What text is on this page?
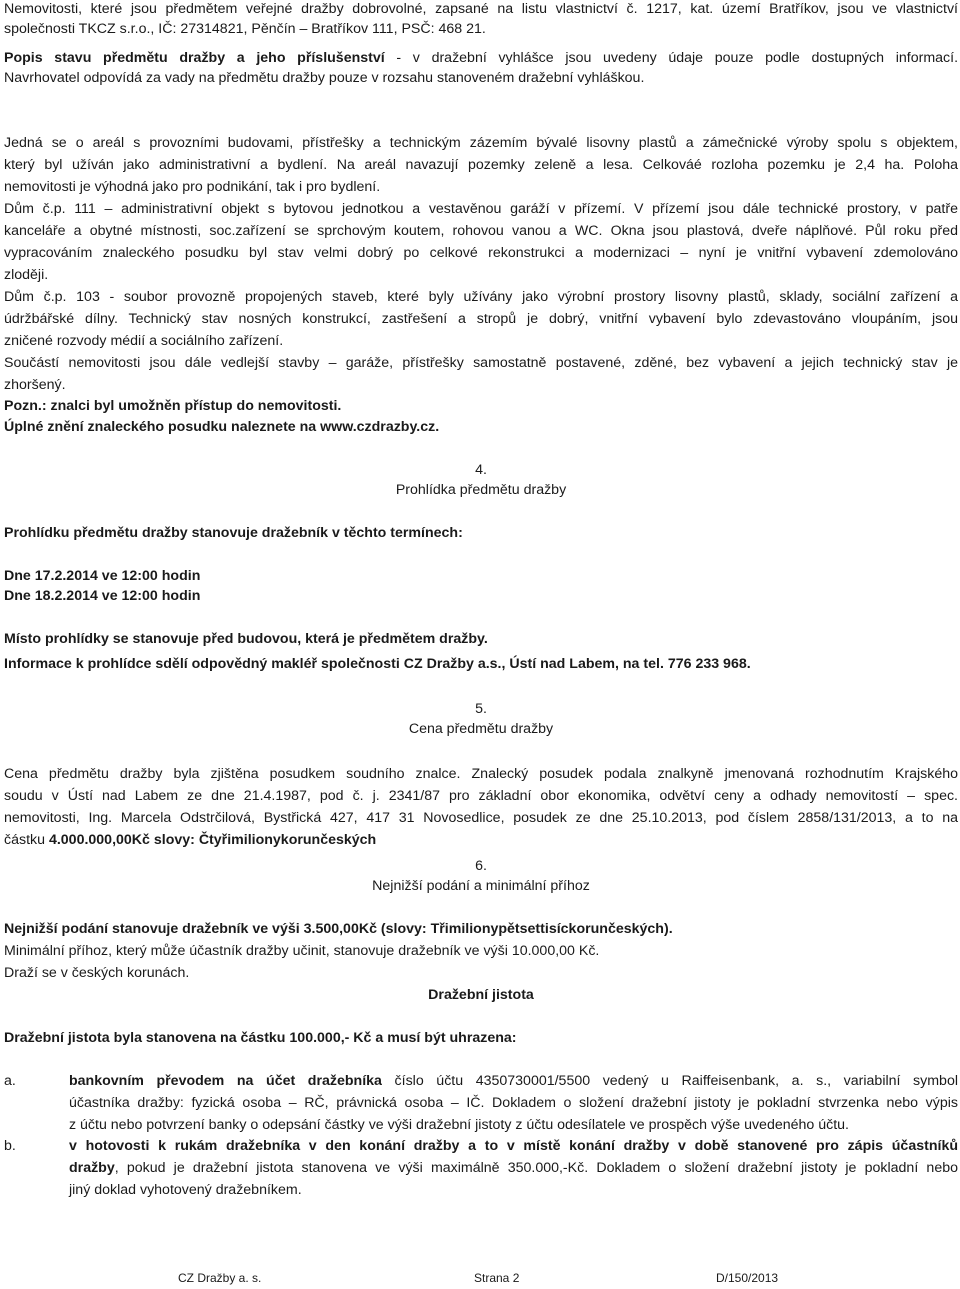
Nemovitosti, které jsou předmětem veřejné dražby dobrovolné, zapsané na listu vlastnictví č. 1217, kat. území Bratříkov, jsou ve vlastnictví
společnosti TKCZ s.r.o., IČ: 27314821, Pěnčín – Bratříkov 111, PSČ: 468 21.
Popis stavu předmětu dražby a jeho příslušenství - v dražební vyhlášce jsou uvedeny údaje pouze podle dostupných informací.
Navrhovatel odpovídá za vady na předmětu dražby pouze v rozsahu stanoveném dražební vyhláškou.
Jedná se o areál s provozními budovami, přístřešky a technickým zázemím bývalé lisovny plastů a zámečnické výroby spolu s objektem,
který byl užíván jako administrativní a bydlení. Na areál navazují pozemky zeleně a lesa. Celkováé rozloha pozemku je 2,4 ha. Poloha
nemovitosti je výhodná jako pro podnikání, tak i pro bydlení.
Dům č.p. 111 – administrativní objekt s bytovou jednotkou a vestavěnou garáží v přízemí. V přízemí jsou dále technické prostory, v patře
kanceláře a obytné místnosti, soc.zařízení se sprchovým koutem, rohovou vanou a WC. Okna jsou plastová, dveře náplňové. Půl roku před
vypracováním znaleckého posudku byl stav velmi dobrý po celkové rekonstrukci a modernizaci – nyní je vnitřní vybavení zdemolováno
zloději.
Dům č.p. 103 - soubor provozně propojených staveb, které byly užívány jako výrobní prostory lisovny plastů, sklady, sociální zařízení a
údržbářské dílny. Technický stav nosných konstrukcí, zastřešení a stropů je dobrý, vnitřní vybavení bylo zdevastováno vloupáním, jsou
zničené rozvody médií a sociálního zařízení.
Součástí nemovitosti jsou dále vedlejší stavby – garáže, přístřešky samostatně postavené, zděné, bez vybavení a jejich technický stav je
zhoršený.
Pozn.: znalci byl umožněn přístup do nemovitosti.
Úplné znění znaleckého posudku naleznete na www.czdrazby.cz.
4.
Prohlídka předmětu dražby
Prohlídku předmětu dražby stanovuje dražebník v těchto termínech:
Dne 17.2.2014 ve 12:00 hodin
Dne 18.2.2014 ve 12:00 hodin
Místo prohlídky se stanovuje před budovou, která je předmětem dražby.
Informace k prohlídce sdělí odpovědný makléř společnosti CZ Dražby a.s., Ústí nad Labem, na tel. 776 233 968.
5.
Cena předmětu dražby
Cena předmětu dražby byla zjištěna posudkem soudního znalce. Znalecký posudek podala znalkyně jmenovaná rozhodnutím Krajského
soudu v Ústí nad Labem ze dne 21.4.1987, pod č. j. 2341/87 pro základní obor ekonomika, odvětví ceny a odhady nemovitostí – spec.
nemovitosti, Ing. Marcela Odstrčilová, Bystřická 427, 417 31 Novosedlice, posudek ze dne 25.10.2013, pod číslem 2858/131/2013, a to na
částku 4.000.000,00Kč slovy: Čtyřimilionykorunčeských
6.
Nejnižší podání a minimální příhoz
Nejnižší podání stanovuje dražebník ve výši 3.500,00Kč (slovy: Třimilionypětsettisíckorunčeských).
Minimální příhoz, který může účastník dražby učinit, stanovuje dražebník ve výši 10.000,00 Kč.
Draží se v českých korunách.
Dražební jistota
Dražební jistota byla stanovena na částku 100.000,- Kč a musí být uhrazena:
a.	bankovním převodem na účet dražebníka číslo účtu 4350730001/5500 vedený u Raiffeisenbank, a. s., variabilní symbol
účastníka dražby: fyzická osoba – RČ, právnická osoba – IČ. Dokladem o složení dražební jistoty je pokladní stvrzenka nebo výpis
z účtu nebo potvrzení banky o odepsání částky ve výši dražební jistoty z účtu odesílatele ve prospěch výše uvedeného účtu.
b.	v hotovosti k rukám dražebníka v den konání dražby a to v místě konání dražby v době stanovené pro zápis účastníků
dražby, pokud je dražební jistota stanovena ve výši maximálně 350.000,-Kč. Dokladem o složení dražební jistoty je pokladní nebo
jiný doklad vyhotovený dražebníkem.
CZ Dražby a. s.	Strana 2	D/150/2013
